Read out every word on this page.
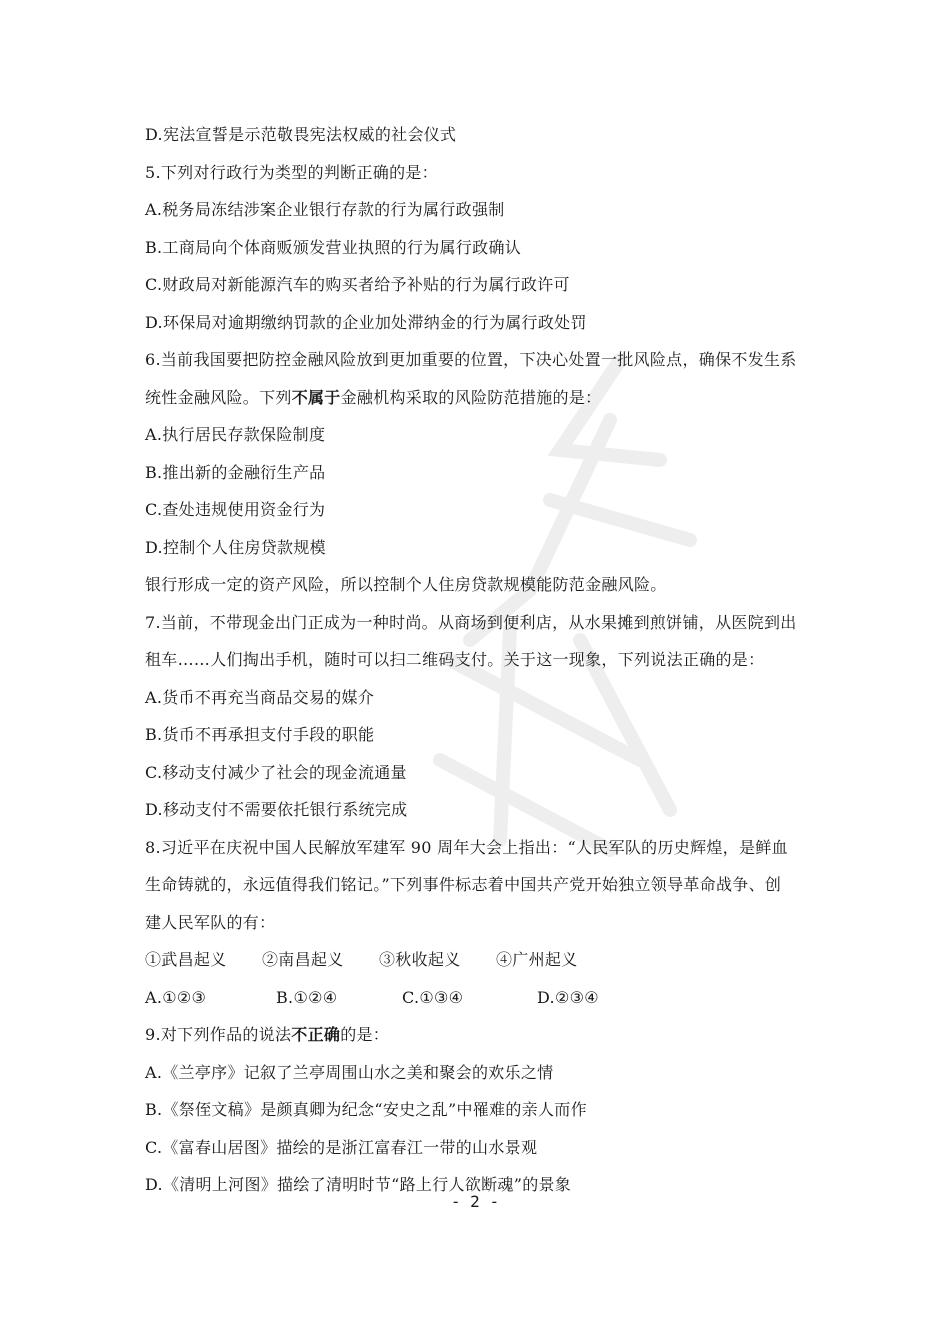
D.宪法宣誓是示范敬畏宪法权威的社会仪式
5.下列对行政行为类型的判断正确的是：
A.税务局冻结涉案企业银行存款的行为属行政强制
B.工商局向个体商贩颁发营业执照的行为属行政确认
C.财政局对新能源汽车的购买者给予补贴的行为属行政许可
D.环保局对逾期缴纳罚款的企业加处滞纳金的行为属行政处罚
6.当前我国要把防控金融风险放到更加重要的位置，下决心处置一批风险点，确保不发生系
统性金融风险。下列不属于金融机构采取的风险防范措施的是：
A.执行居民存款保险制度
B.推出新的金融衍生产品
C.查处违规使用资金行为
D.控制个人住房贷款规模
银行形成一定的资产风险，所以控制个人住房贷款规模能防范金融风险。
7.当前，不带现金出门正成为一种时尚。从商场到便利店，从水果摊到煎饼铺，从医院到出
租车……人们掏出手机，随时可以扫二维码支付。关于这一现象，下列说法正确的是：
A.货币不再充当商品交易的媒介
B.货币不再承担支付手段的职能
C.移动支付减少了社会的现金流通量
D.移动支付不需要依托银行系统完成
8.习近平在庆祝中国人民解放军建军 90 周年大会上指出：“人民军队的历史辉煌，是鲜血
生命铸就的，永远值得我们铭记。”下列事件标志着中国共产党开始独立领导革命战争、创
建人民军队的有：
①武昌起义	②南昌起义	③秋收起义	④广州起义
A.①②③	B.①②④	C.①③④	D.②③④
9.对下列作品的说法不正确的是：
A.《兰亭序》记叙了兰亭周围山水之美和聚会的欢乐之情
B.《祭侄文稿》是颜真卿为纪念“安史之乱”中罹难的亲人而作
C.《富春山居图》描绘的是浙江富春江一带的山水景观
D.《清明上河图》描绘了清明时节“路上行人欲断魂”的景象
- 2 -
